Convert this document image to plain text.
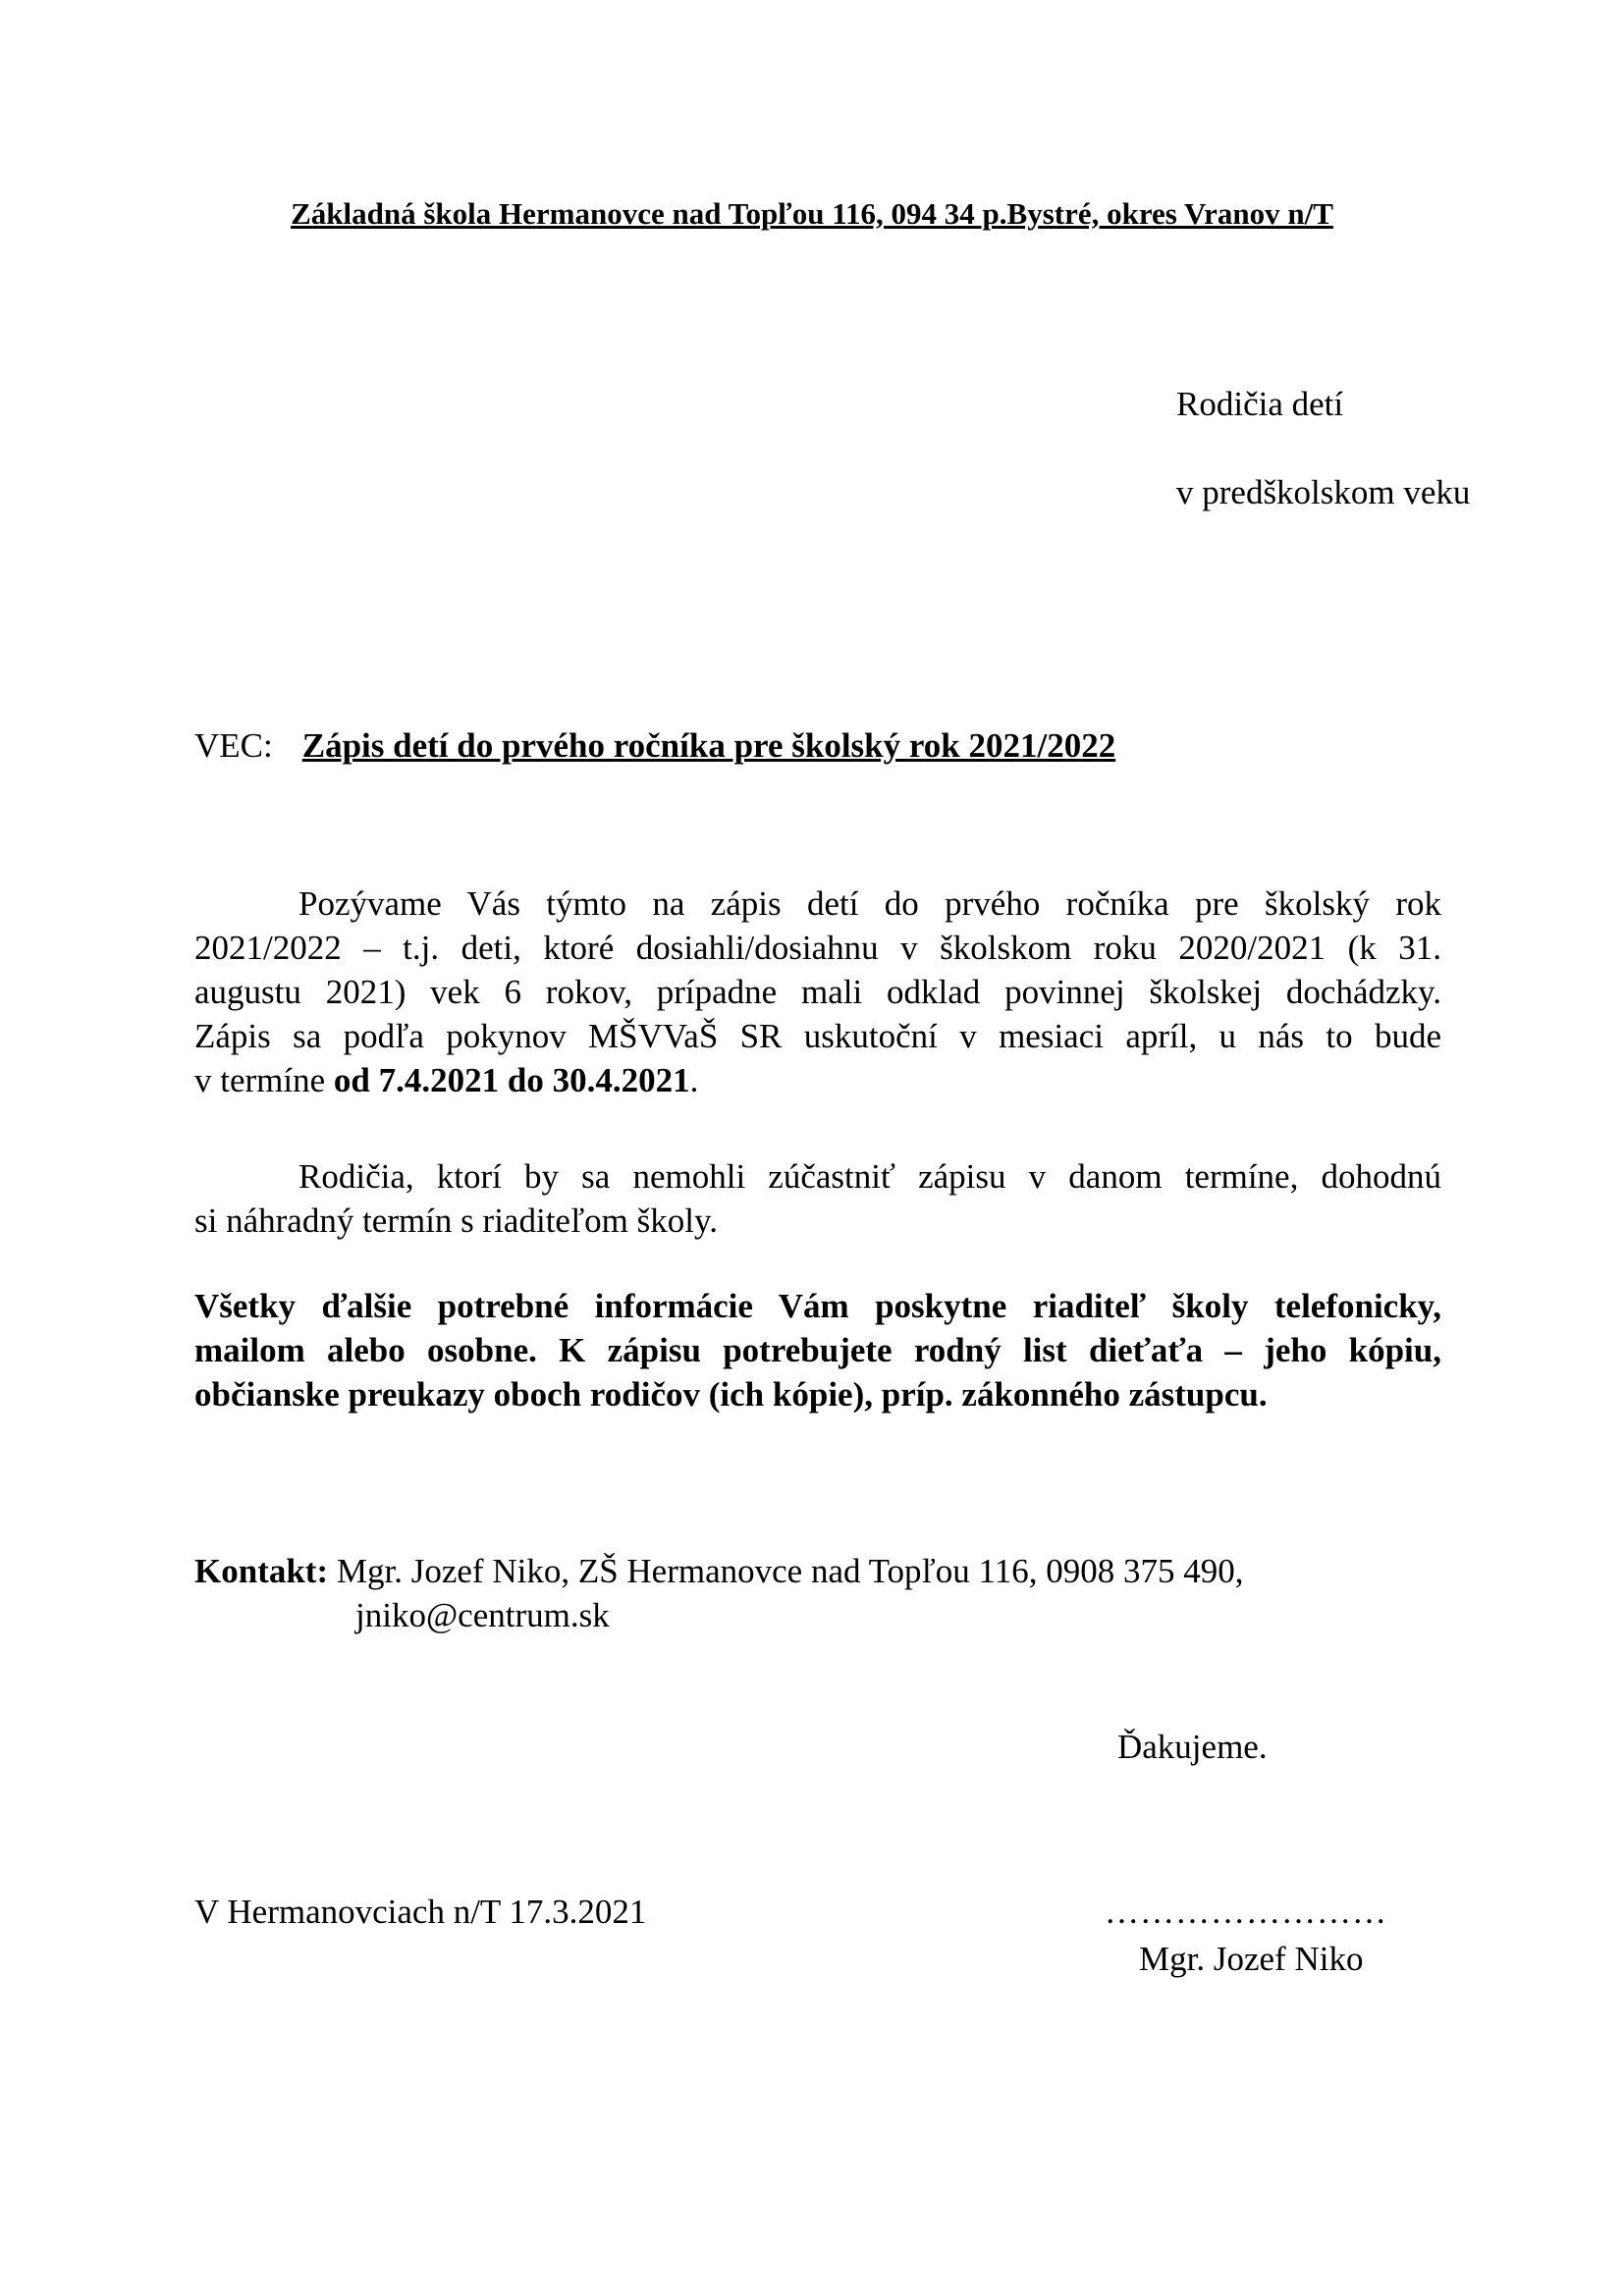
Základná škola Hermanovce nad Topľou 116, 094 34 p.Bystré, okres Vranov n/T
Rodičia detí
v predškolskom veku
VEC: Zápis detí do prvého ročníka pre školský rok 2021/2022
Pozývame Vás týmto na zápis detí do prvého ročníka pre školský rok
2021/2022 – t.j. deti, ktoré dosiahli/dosiahnu v školskom roku 2020/2021 (k 31.
augustu 2021) vek 6 rokov, prípadne mali odklad povinnej školskej dochádzky.
Zápis sa podľa pokynov MŠVVaŠ SR uskutoční v mesiaci apríl, u nás to bude
v termíne od 7.4.2021 do 30.4.2021.
Rodičia, ktorí by sa nemohli zúčastniť zápisu v danom termíne, dohodnú
si náhradný termín s riaditeľom školy.
Všetky ďalšie potrebné informácie Vám poskytne riaditeľ školy telefonicky,
mailom alebo osobne. K zápisu potrebujete rodný list dieťaťa – jeho kópiu,
občianske preukazy oboch rodičov (ich kópie), príp. zákonného zástupcu.
Kontakt: Mgr. Jozef Niko, ZŠ Hermanovce nad Topľou 116, 0908 375 490,
jniko@centrum.sk
Ďakujeme.
V Hermanovciach n/T 17.3.2021	……………………
Mgr. Jozef Niko
